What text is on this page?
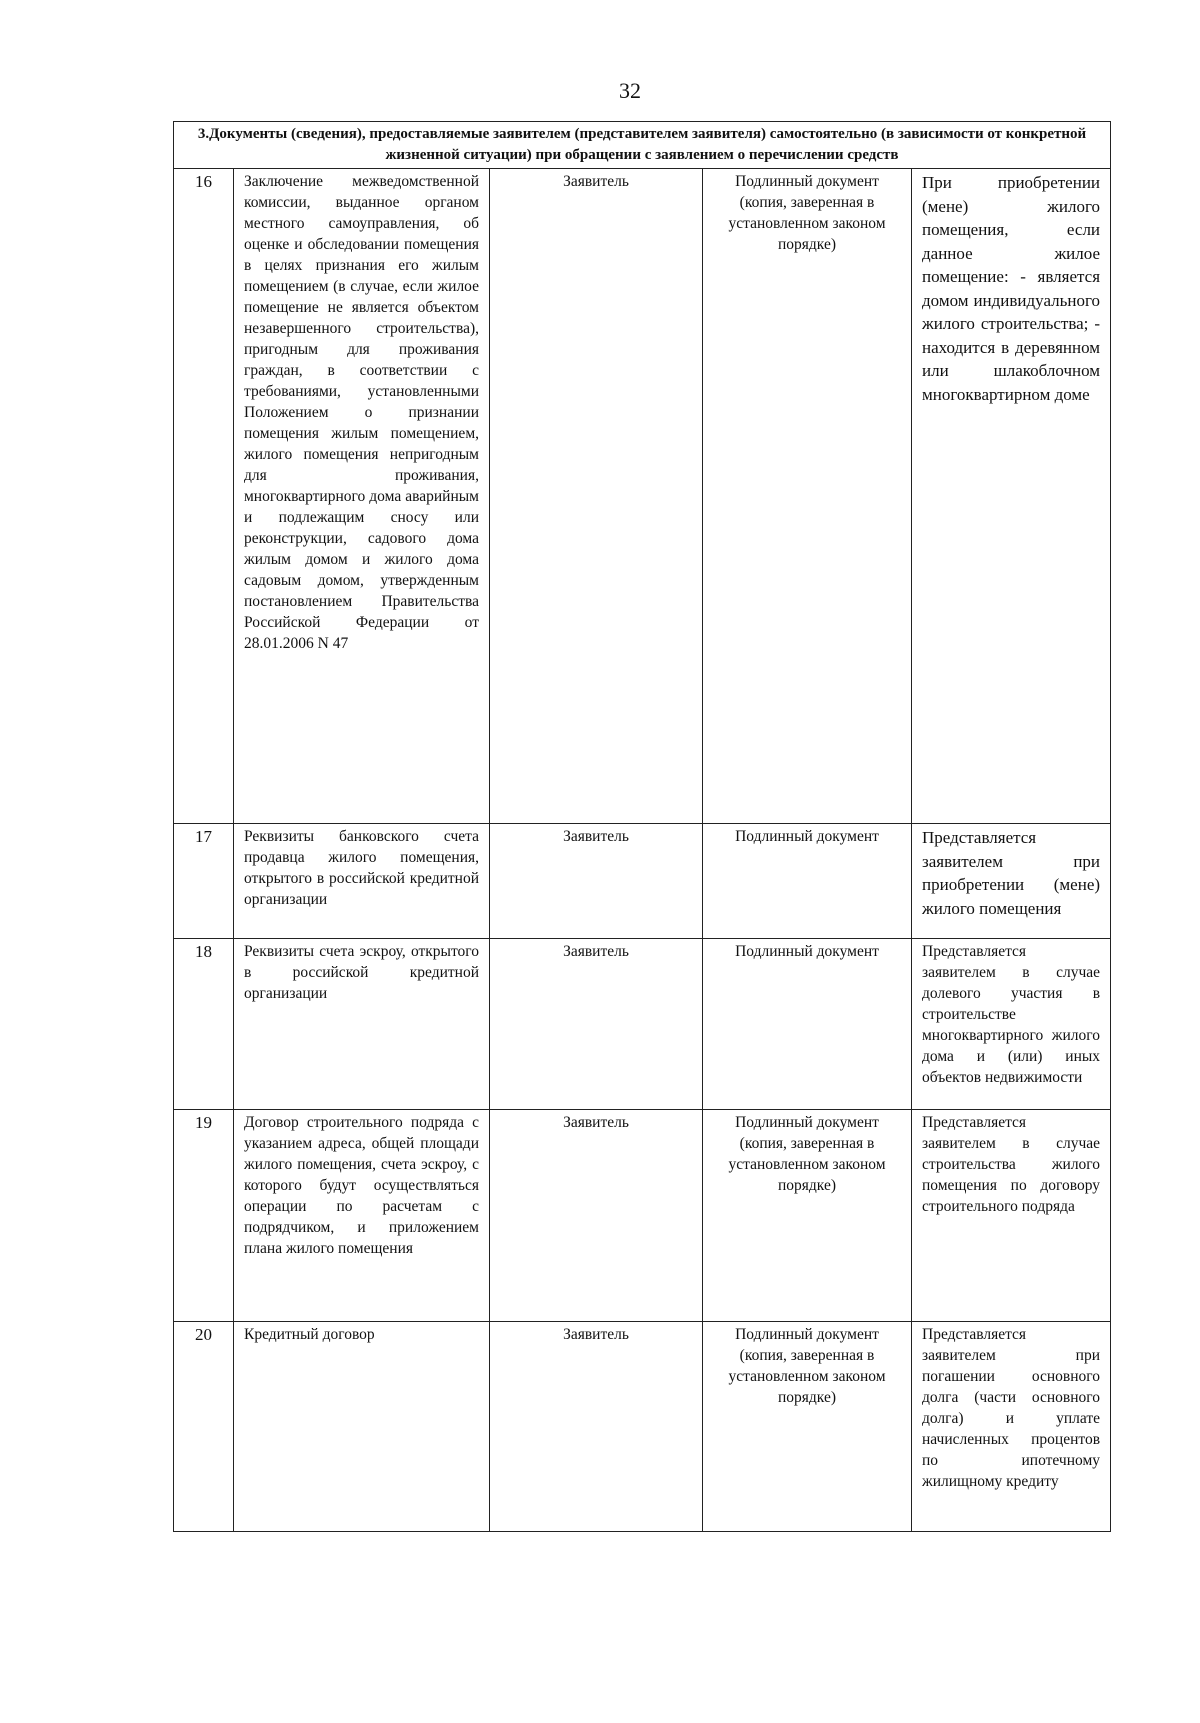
32
3.Документы (сведения), предоставляемые заявителем (представителем заявителя) самостоятельно (в зависимости от конкретной жизненной ситуации) при обращении с заявлением о перечислении средств				
16	Заключение межведомственной комиссии, выданное органом местного самоуправления, об оценке и обследовании помещения в целях признания его жилым помещением (в случае, если жилое помещение не является объектом незавершенного строительства), пригодным для проживания граждан, в соответствии с требованиями, установленными Положением о признании помещения жилым помещением, жилого помещения непригодным для проживания, многоквартирного дома аварийным и подлежащим сносу или реконструкции, садового дома жилым домом и жилого дома садовым домом, утвержденным постановлением Правительства Российской Федерации от 28.01.2006 N 47	Заявитель	Подлинный документ (копия, заверенная в установленном законом порядке)	При приобретении (мене) жилого помещения, если данное жилое помещение: - является домом индивидуального жилого строительства; - находится в деревянном или шлакоблочном многоквартирном доме
17	Реквизиты банковского счета продавца жилого помещения, открытого в российской кредитной организации	Заявитель	Подлинный документ	Представляется заявителем при приобретении (мене) жилого помещения
18	Реквизиты счета эскроу, открытого в российской кредитной организации	Заявитель	Подлинный документ	Представляется заявителем в случае долевого участия в строительстве многоквартирного жилого дома и (или) иных объектов недвижимости
19	Договор строительного подряда с указанием адреса, общей площади жилого помещения, счета эскроу, с которого будут осуществляться операции по расчетам с подрядчиком, и приложением плана жилого помещения	Заявитель	Подлинный документ (копия, заверенная в установленном законом порядке)	Представляется заявителем в случае строительства жилого помещения по договору строительного подряда
20	Кредитный договор	Заявитель	Подлинный документ (копия, заверенная в установленном законом порядке)	Представляется заявителем при погашении основного долга (части основного долга) и уплате начисленных процентов по ипотечному жилищному кредиту
